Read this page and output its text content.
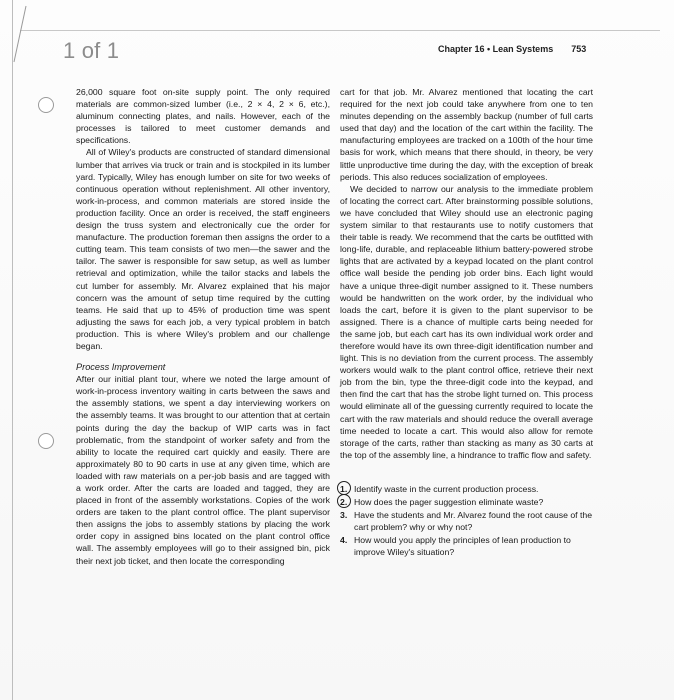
1 of 1	Chapter 16 • Lean Systems 753

26,000 square foot on-site supply point. The only required materials are common-sized lumber (i.e., 2 × 4, 2 × 6, etc.), aluminum connecting plates, and nails. However, each of the processes is tailored to meet customer demands and specifications.

All of Wiley's products are constructed of standard dimensional lumber that arrives via truck or train and is stockpiled in its lumber yard. Typically, Wiley has enough lumber on site for two weeks of continuous operation without replenishment. All other inventory, work-in-process, and common materials are stored inside the production facility. Once an order is received, the staff engineers design the truss system and electronically cue the order for manufacture. The production foreman then assigns the order to a cutting team. This team consists of two men—the sawer and the tailor. The sawer is responsible for saw setup, as well as lumber retrieval and optimization, while the tailor stacks and labels the cut lumber for assembly. Mr. Alvarez explained that his major concern was the amount of setup time required by the cutting teams. He said that up to 45% of production time was spent adjusting the saws for each job, a very typical problem in batch production. This is where Wiley's problem and our challenge began.

Process Improvement

After our initial plant tour, where we noted the large amount of work-in-process inventory waiting in carts between the saws and the assembly stations, we spent a day interviewing workers on the assembly teams. It was brought to our attention that at certain points during the day the backup of WIP carts was in fact problematic, from the standpoint of worker safety and from the ability to locate the required cart quickly and easily. There are approximately 80 to 90 carts in use at any given time, which are loaded with raw materials on a per-job basis and are tagged with a work order. After the carts are loaded and tagged, they are placed in front of the assembly workstations. Copies of the work orders are taken to the plant control office. The plant supervisor then assigns the jobs to assembly stations by placing the work order copy in assigned bins located on the plant control office wall. The assembly employees will go to their assigned bin, pick their next job ticket, and then locate the corresponding

cart for that job. Mr. Alvarez mentioned that locating the cart required for the next job could take anywhere from one to ten minutes depending on the assembly backup (number of full carts used that day) and the location of the cart within the facility. The manufacturing employees are tracked on a 100th of the hour time basis for work, which means that there should, in theory, be very little unproductive time during the day, with the exception of break periods. This also reduces socialization of employees.

We decided to narrow our analysis to the immediate problem of locating the correct cart. After brainstorming possible solutions, we have concluded that Wiley should use an electronic paging system similar to that restaurants use to notify customers that their table is ready. We recommend that the carts be outfitted with long-life, durable, and replaceable lithium battery-powered strobe lights that are activated by a keypad located on the plant control office wall beside the pending job order bins. Each light would have a unique three-digit number assigned to it. These numbers would be handwritten on the work order, by the individual who loads the cart, before it is given to the plant supervisor to be assigned. There is a chance of multiple carts being needed for the same job, but each cart has its own individual work order and therefore would have its own three-digit identification number and light. This is no deviation from the current process. The assembly workers would walk to the plant control office, retrieve their next job from the bin, type the three-digit code into the keypad, and then find the cart that has the strobe light turned on. This process would eliminate all of the guessing currently required to locate the cart with the raw materials and should reduce the overall average time needed to locate a cart. This would also allow for remote storage of the carts, rather than stacking as many as 30 carts at the top of the assembly line, a hindrance to traffic flow and safety.

1. Identify waste in the current production process.
2. How does the pager suggestion eliminate waste?
3. Have the students and Mr. Alvarez found the root cause of the cart problem? why or why not?
4. How would you apply the principles of lean production to improve Wiley's situation?
